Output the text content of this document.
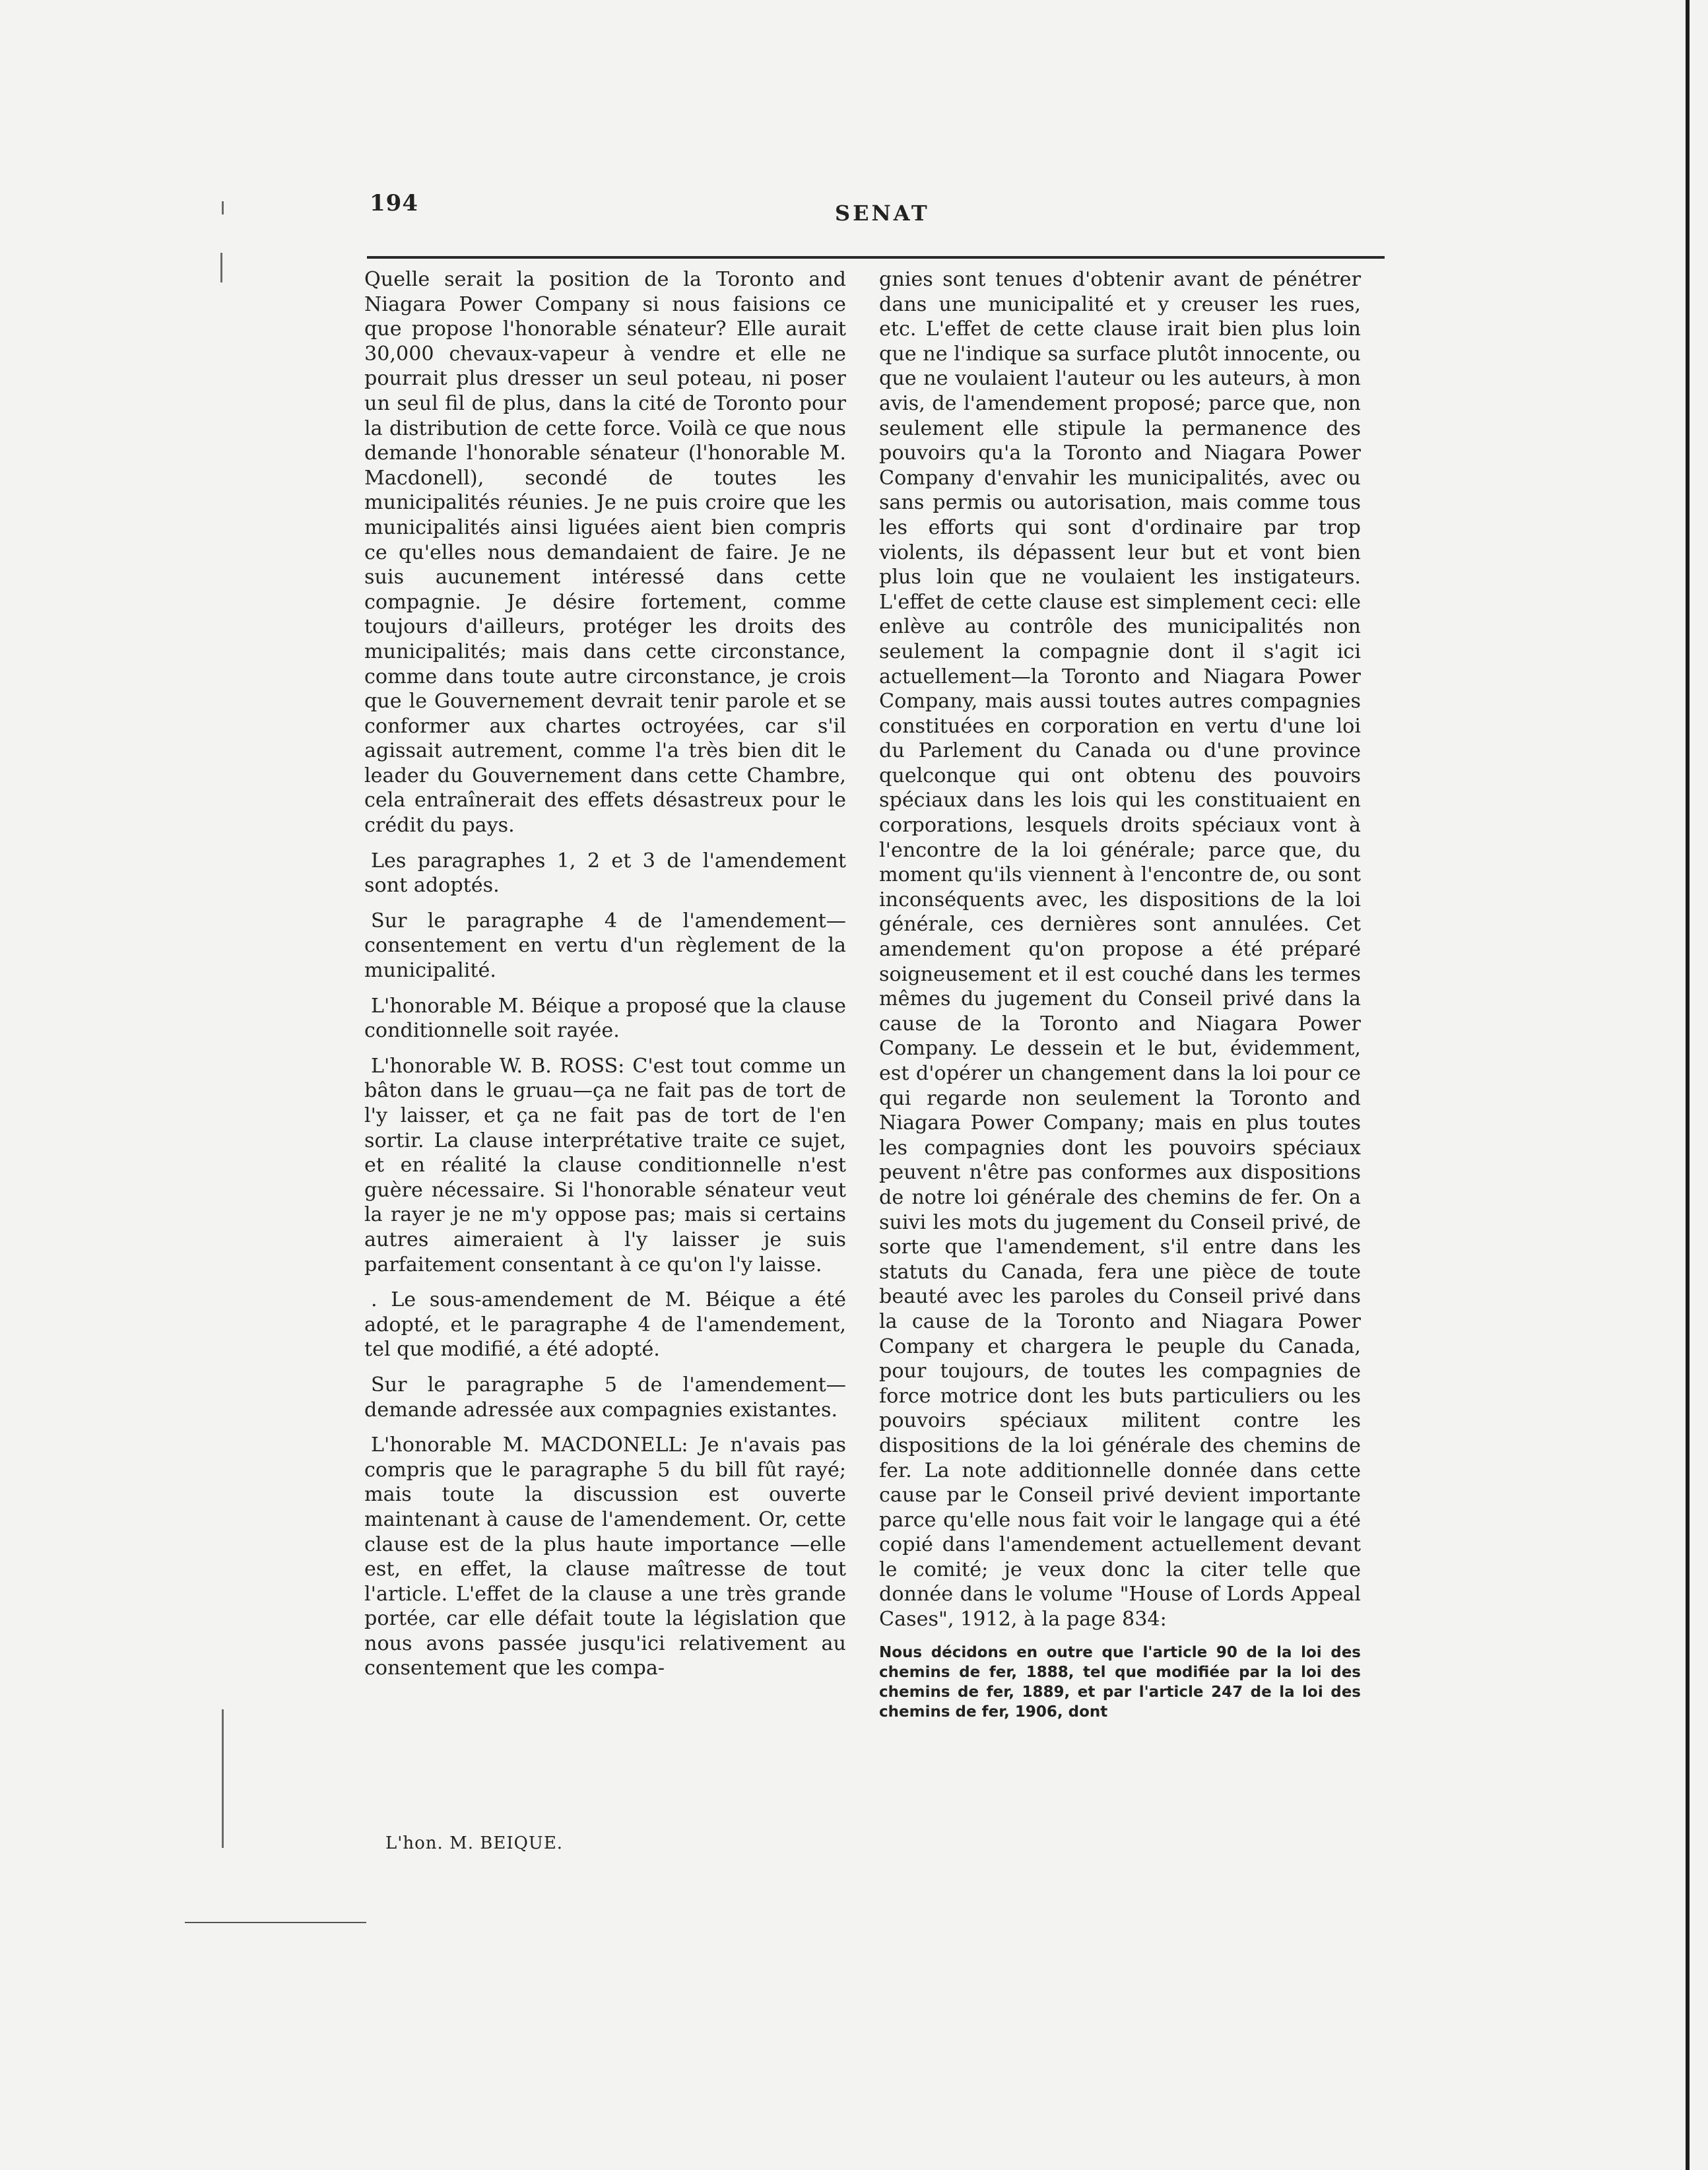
194	SENAT

Quelle serait la position de la Toronto and Niagara Power Company si nous faisions ce que propose l'honorable sénateur? Elle aurait 30,000 chevaux-vapeur à vendre et elle ne pourrait plus dresser un seul poteau, ni poser un seul fil de plus, dans la cité de Toronto pour la distribution de cette force. Voilà ce que nous demande l'honorable sénateur (l'honorable M. Macdonell), secondé de toutes les municipalités réunies. Je ne puis croire que les municipalités ainsi liguées aient bien compris ce qu'elles nous demandaient de faire. Je ne suis aucunement intéressé dans cette compagnie. Je désire fortement, comme toujours d'ailleurs, protéger les droits des municipalités; mais dans cette circonstance, comme dans toute autre circonstance, je crois que le Gouvernement devrait tenir parole et se conformer aux chartes octroyées, car s'il agissait autrement, comme l'a très bien dit le leader du Gouvernement dans cette Chambre, cela entraînerait des effets désastreux pour le crédit du pays.

Les paragraphes 1, 2 et 3 de l'amendement sont adoptés.

Sur le paragraphe 4 de l'amendement—consentement en vertu d'un règlement de la municipalité.

L'honorable M. Béique a proposé que la clause conditionnelle soit rayée.

L'honorable W. B. ROSS: C'est tout comme un bâton dans le gruau—ça ne fait pas de tort de l'y laisser, et ça ne fait pas de tort de l'en sortir. La clause interprétative traite ce sujet, et en réalité la clause conditionnelle n'est guère nécessaire. Si l'honorable sénateur veut la rayer je ne m'y oppose pas; mais si certains autres aimeraient à l'y laisser je suis parfaitement consentant à ce qu'on l'y laisse.

. Le sous-amendement de M. Béique a été adopté, et le paragraphe 4 de l'amendement, tel que modifié, a été adopté.

Sur le paragraphe 5 de l'amendement—demande adressée aux compagnies existantes.

L'honorable M. MACDONELL: Je n'avais pas compris que le paragraphe 5 du bill fût rayé; mais toute la discussion est ouverte maintenant à cause de l'amendement. Or, cette clause est de la plus haute importance —elle est, en effet, la clause maîtresse de tout l'article. L'effet de la clause a une très grande portée, car elle défait toute la législation que nous avons passée jusqu'ici relativement au consentement que les compa-

gnies sont tenues d'obtenir avant de pénétrer dans une municipalité et y creuser les rues, etc. L'effet de cette clause irait bien plus loin que ne l'indique sa surface plutôt innocente, ou que ne voulaient l'auteur ou les auteurs, à mon avis, de l'amendement proposé; parce que, non seulement elle stipule la permanence des pouvoirs qu'a la Toronto and Niagara Power Company d'envahir les municipalités, avec ou sans permis ou autorisation, mais comme tous les efforts qui sont d'ordinaire par trop violents, ils dépassent leur but et vont bien plus loin que ne voulaient les instigateurs. L'effet de cette clause est simplement ceci: elle enlève au contrôle des municipalités non seulement la compagnie dont il s'agit ici actuellement—la Toronto and Niagara Power Company, mais aussi toutes autres compagnies constituées en corporation en vertu d'une loi du Parlement du Canada ou d'une province quelconque qui ont obtenu des pouvoirs spéciaux dans les lois qui les constituaient en corporations, lesquels droits spéciaux vont à l'encontre de la loi générale; parce que, du moment qu'ils viennent à l'encontre de, ou sont inconséquents avec, les dispositions de la loi générale, ces dernières sont annulées. Cet amendement qu'on propose a été préparé soigneusement et il est couché dans les termes mêmes du jugement du Conseil privé dans la cause de la Toronto and Niagara Power Company. Le dessein et le but, évidemment, est d'opérer un changement dans la loi pour ce qui regarde non seulement la Toronto and Niagara Power Company; mais en plus toutes les compagnies dont les pouvoirs spéciaux peuvent n'être pas conformes aux dispositions de notre loi générale des chemins de fer. On a suivi les mots du jugement du Conseil privé, de sorte que l'amendement, s'il entre dans les statuts du Canada, fera une pièce de toute beauté avec les paroles du Conseil privé dans la cause de la Toronto and Niagara Power Company et chargera le peuple du Canada, pour toujours, de toutes les compagnies de force motrice dont les buts particuliers ou les pouvoirs spéciaux militent contre les dispositions de la loi générale des chemins de fer. La note additionnelle donnée dans cette cause par le Conseil privé devient importante parce qu'elle nous fait voir le langage qui a été copié dans l'amendement actuellement devant le comité; je veux donc la citer telle que donnée dans le volume "House of Lords Appeal Cases", 1912, à la page 834:

Nous décidons en outre que l'article 90 de la loi des chemins de fer, 1888, tel que modifiée par la loi des chemins de fer, 1889, et par l'article 247 de la loi des chemins de fer, 1906, dont

L'hon. M. BEIQUE.
